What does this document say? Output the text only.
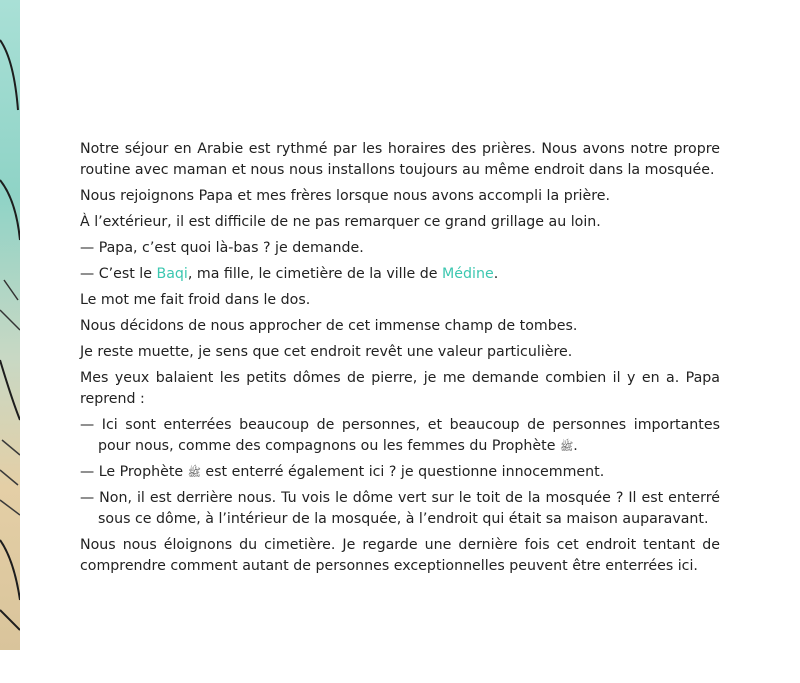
Notre séjour en Arabie est rythmé par les horaires des prières. Nous avons notre propre routine avec maman et nous nous installons toujours au même endroit dans la mosquée.

Nous rejoignons Papa et mes frères lorsque nous avons accompli la prière.

À l’extérieur, il est difficile de ne pas remarquer ce grand grillage au loin.

— Papa, c’est quoi là-bas ? je demande.

— C’est le Baqi, ma fille, le cimetière de la ville de Médine.

Le mot me fait froid dans le dos.

Nous décidons de nous approcher de cet immense champ de tombes.

Je reste muette, je sens que cet endroit revêt une valeur particulière.

Mes yeux balaient les petits dômes de pierre, je me demande combien il y en a. Papa reprend :

— Ici sont enterrées beaucoup de personnes, et beaucoup de personnes importantes pour nous, comme des compagnons ou les femmes du Prophète ﷺ.

— Le Prophète ﷺ est enterré également ici ? je questionne innocemment.

— Non, il est derrière nous. Tu vois le dôme vert sur le toit de la mosquée ? Il est enterré sous ce dôme, à l’intérieur de la mosquée, à l’endroit qui était sa maison auparavant.

Nous nous éloignons du cimetière. Je regarde une dernière fois cet endroit tentant de comprendre comment autant de personnes exceptionnelles peuvent être enterrées ici.
